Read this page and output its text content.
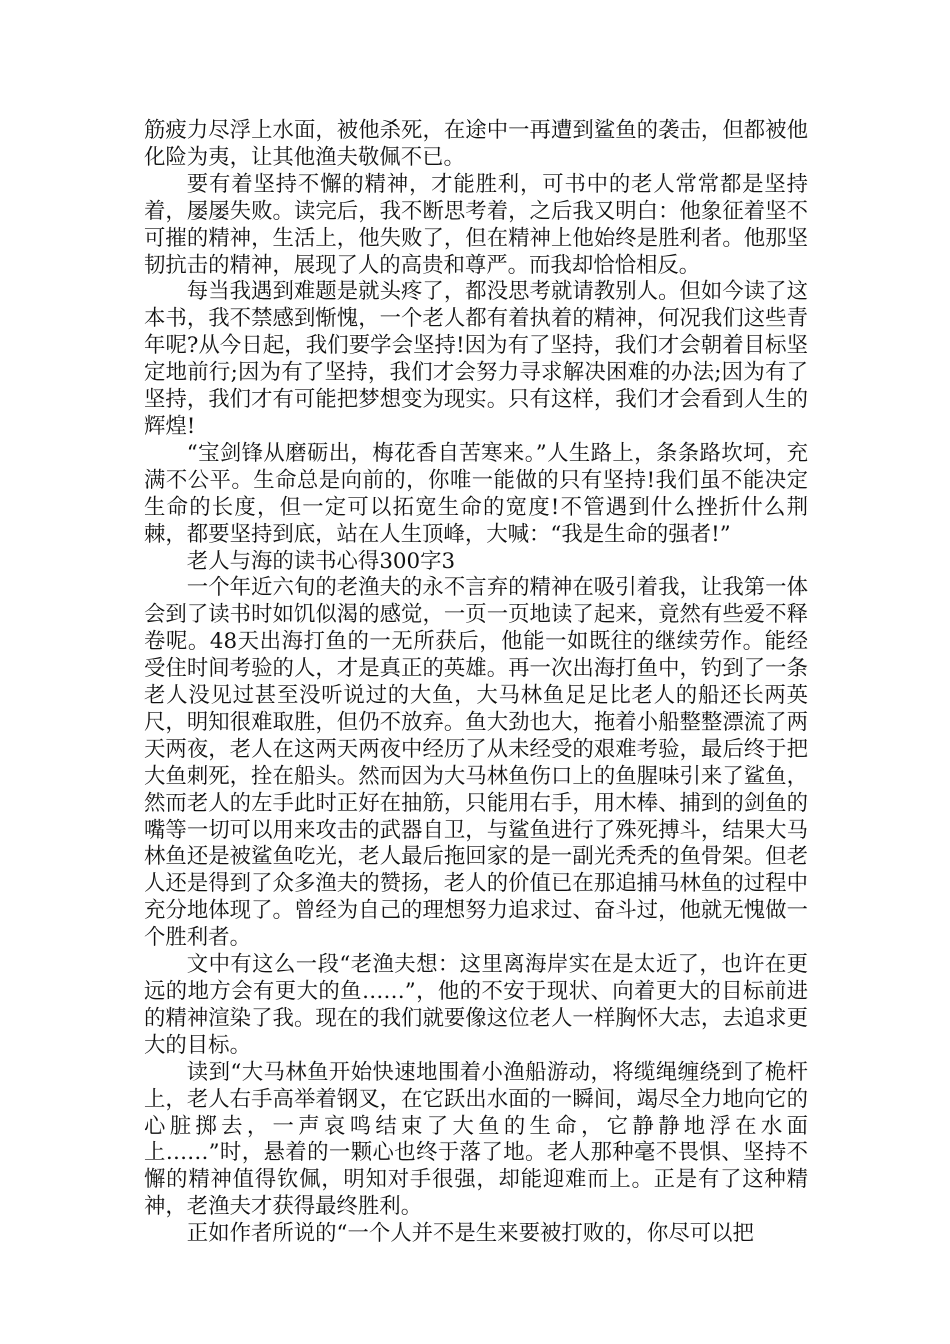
筋疲力尽浮上水面，被他杀死，在途中一再遭到鲨鱼的袭击，但都被他化险为夷，让其他渔夫敬佩不已。

要有着坚持不懈的精神，才能胜利，可书中的老人常常都是坚持着，屡屡失败。读完后，我不断思考着，之后我又明白：他象征着坚不可摧的精神，生活上，他失败了，但在精神上他始终是胜利者。他那坚韧抗击的精神，展现了人的高贵和尊严。而我却恰恰相反。

每当我遇到难题是就头疼了，都没思考就请教别人。但如今读了这本书，我不禁感到惭愧，一个老人都有着执着的精神，何况我们这些青年呢?从今日起，我们要学会坚持!因为有了坚持，我们才会朝着目标坚定地前行;因为有了坚持，我们才会努力寻求解决困难的办法;因为有了坚持，我们才有可能把梦想变为现实。只有这样，我们才会看到人生的辉煌!

“宝剑锋从磨砺出，梅花香自苦寒来。”人生路上，条条路坎坷，充满不公平。生命总是向前的，你唯一能做的只有坚持!我们虽不能决定生命的长度，但一定可以拓宽生命的宽度!不管遇到什么挫折什么荆棘，都要坚持到底，站在人生顶峰，大喊：“我是生命的强者!”

老人与海的读书心得300字3

一个年近六旬的老渔夫的永不言弃的精神在吸引着我，让我第一体会到了读书时如饥似渴的感觉，一页一页地读了起来，竟然有些爱不释卷呢。48天出海打鱼的一无所获后，他能一如既往的继续劳作。能经受住时间考验的人，才是真正的英雄。再一次出海打鱼中，钓到了一条老人没见过甚至没听说过的大鱼，大马林鱼足足比老人的船还长两英尺，明知很难取胜，但仍不放弃。鱼大劲也大，拖着小船整整漂流了两天两夜，老人在这两天两夜中经历了从未经受的艰难考验，最后终于把大鱼刺死，拴在船头。然而因为大马林鱼伤口上的鱼腥味引来了鲨鱼，然而老人的左手此时正好在抽筋，只能用右手，用木棒、捕到的剑鱼的嘴等一切可以用来攻击的武器自卫，与鲨鱼进行了殊死搏斗，结果大马林鱼还是被鲨鱼吃光，老人最后拖回家的是一副光秃秃的鱼骨架。但老人还是得到了众多渔夫的赞扬，老人的价值已在那追捕马林鱼的过程中充分地体现了。曾经为自己的理想努力追求过、奋斗过，他就无愧做一个胜利者。

文中有这么一段“老渔夫想：这里离海岸实在是太近了，也许在更远的地方会有更大的鱼……”，他的不安于现状、向着更大的目标前进的精神渲染了我。现在的我们就要像这位老人一样胸怀大志，去追求更大的目标。

读到“大马林鱼开始快速地围着小渔船游动，将缆绳缠绕到了桅杆上，老人右手高举着钢叉，在它跃出水面的一瞬间，竭尽全力地向它的心脏掷去，一声哀鸣结束了大鱼的生命，它静静地浮在水面上……”时，悬着的一颗心也终于落了地。老人那种毫不畏惧、坚持不懈的精神值得钦佩，明知对手很强，却能迎难而上。正是有了这种精神，老渔夫才获得最终胜利。

正如作者所说的“一个人并不是生来要被打败的，你尽可以把
